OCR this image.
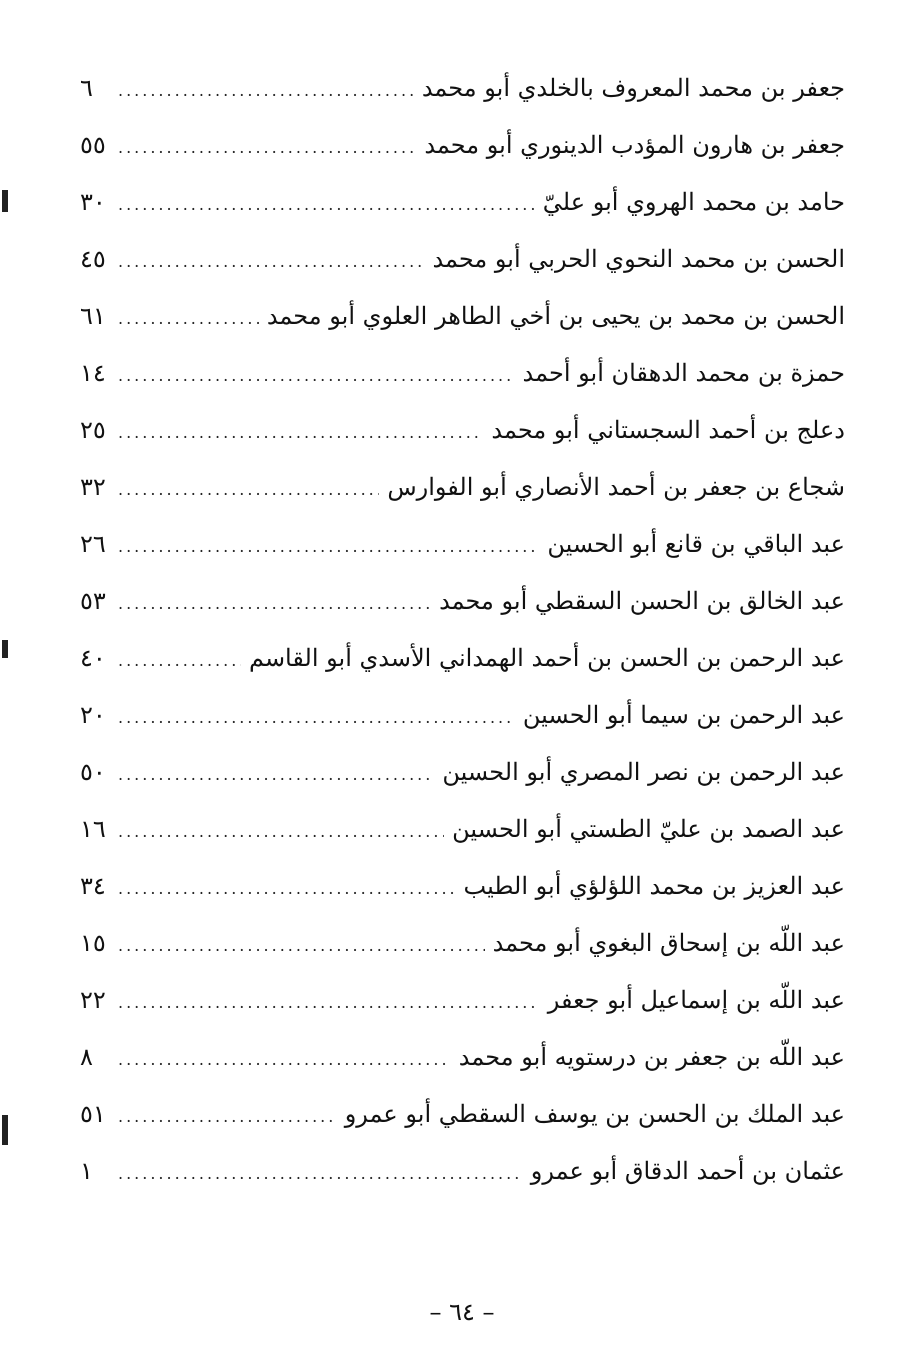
جعفر بن محمد المعروف بالخلدي أبو محمد
.....
٦
جعفر بن هارون المؤدب الدينوري أبو محمد
.....
٥٥
حامد بن محمد الهروي أبو عليّ
.....
٣٠
الحسن بن محمد النحوي الحربي أبو محمد
.....
٤٥
الحسن بن محمد بن يحيى بن أخي الطاهر العلوي أبو محمد
.....
٦١
حمزة بن محمد الدهقان أبو أحمد
.....
١٤
دعلج بن أحمد السجستاني أبو محمد
.....
٢٥
شجاع بن جعفر بن أحمد الأنصاري أبو الفوارس
.....
٣٢
عبد الباقي بن قانع أبو الحسين
.....
٢٦
عبد الخالق بن الحسن السقطي أبو محمد
.....
٥٣
عبد الرحمن بن الحسن بن أحمد الهمداني الأسدي أبو القاسم
.....
٤٠
عبد الرحمن بن سيما أبو الحسين
.....
٢٠
عبد الرحمن بن نصر المصري أبو الحسين
.....
٥٠
عبد الصمد بن عليّ الطستي أبو الحسين
.....
١٦
عبد العزيز بن محمد اللؤلؤي أبو الطيب
.....
٣٤
عبد اللّه بن إسحاق البغوي أبو محمد
.....
١٥
عبد اللّه بن إسماعيل أبو جعفر
.....
٢٢
عبد اللّه بن جعفر بن درستويه أبو محمد
.....
٨
عبد الملك بن الحسن بن يوسف السقطي أبو عمرو
.....
٥١
عثمان بن أحمد الدقاق أبو عمرو
.....
١
– ٦٤ –
